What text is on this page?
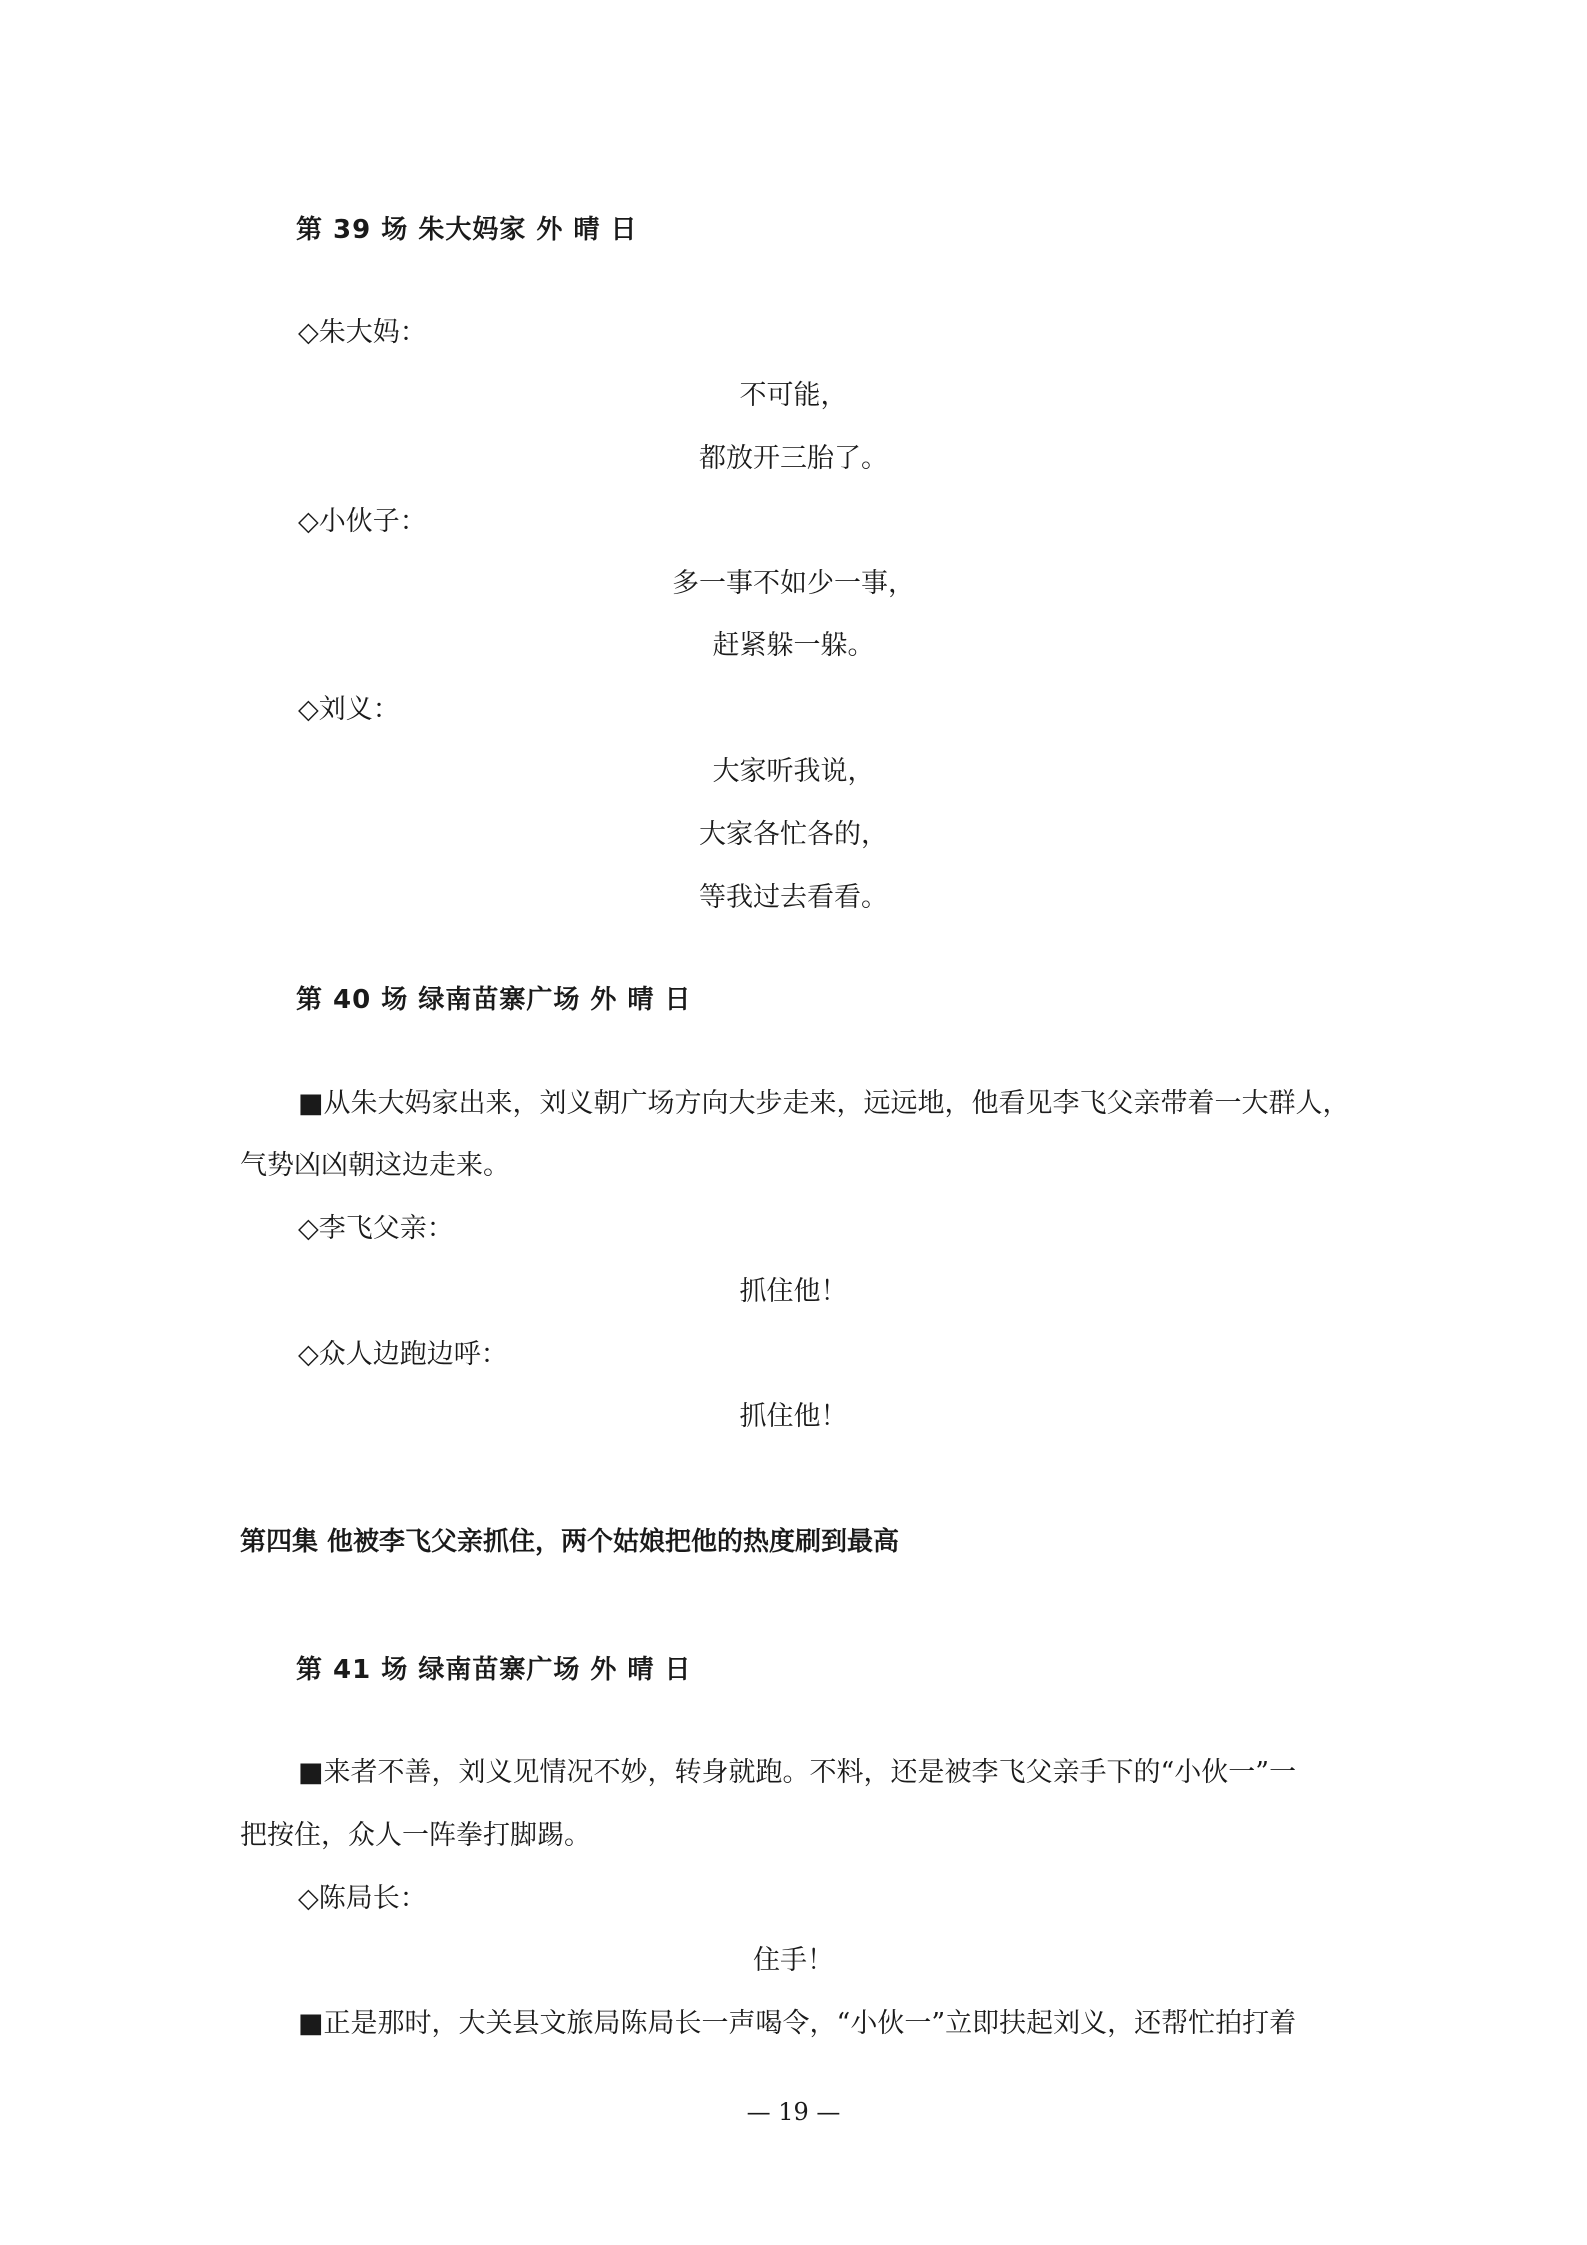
第 39 场 朱大妈家 外 晴 日
◇朱大妈：
不可能，
都放开三胎了。
◇小伙子：
多一事不如少一事，
赶紧躲一躲。
◇刘义：
大家听我说，
大家各忙各的，
等我过去看看。
第 40 场 绿南苗寨广场 外 晴 日
■从朱大妈家出来，刘义朝广场方向大步走来，远远地，他看见李飞父亲带着一大群人，
气势凶凶朝这边走来。
◇李飞父亲：
抓住他！
◇众人边跑边呼：
抓住他！
第四集 他被李飞父亲抓住，两个姑娘把他的热度刷到最高
第 41 场 绿南苗寨广场 外 晴 日
■来者不善，刘义见情况不妙，转身就跑。不料，还是被李飞父亲手下的“小伙一”一
把按住，众人一阵拳打脚踢。
◇陈局长：
住手！
■正是那时，大关县文旅局陈局长一声喝令，“小伙一”立即扶起刘义，还帮忙拍打着
— 19 —
